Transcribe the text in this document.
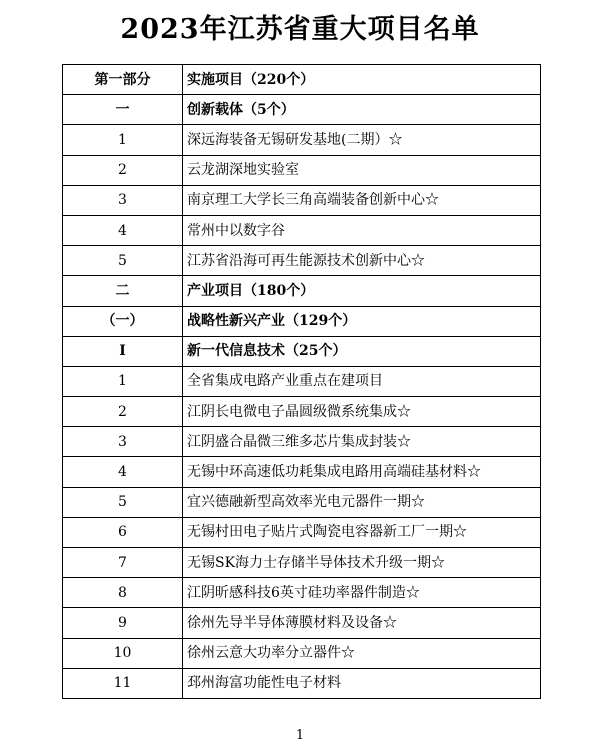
2023年江苏省重大项目名单
第一部分	实施项目（220个）
一	创新载体（5个）
1	深远海装备无锡研发基地(二期）☆
2	云龙湖深地实验室
3	南京理工大学长三角高端装备创新中心☆
4	常州中以数字谷
5	江苏省沿海可再生能源技术创新中心☆
二	产业项目（180个）
（一）	战略性新兴产业（129个）
I	新一代信息技术（25个）
1	全省集成电路产业重点在建项目
2	江阴长电微电子晶圆级微系统集成☆
3	江阴盛合晶微三维多芯片集成封装☆
4	无锡中环高速低功耗集成电路用高端硅基材料☆
5	宜兴德融新型高效率光电元器件一期☆
6	无锡村田电子贴片式陶瓷电容器新工厂一期☆
7	无锡SK海力士存储半导体技术升级一期☆
8	江阴昕感科技6英寸硅功率器件制造☆
9	徐州先导半导体薄膜材料及设备☆
10	徐州云意大功率分立器件☆
11	邳州海富功能性电子材料
1
